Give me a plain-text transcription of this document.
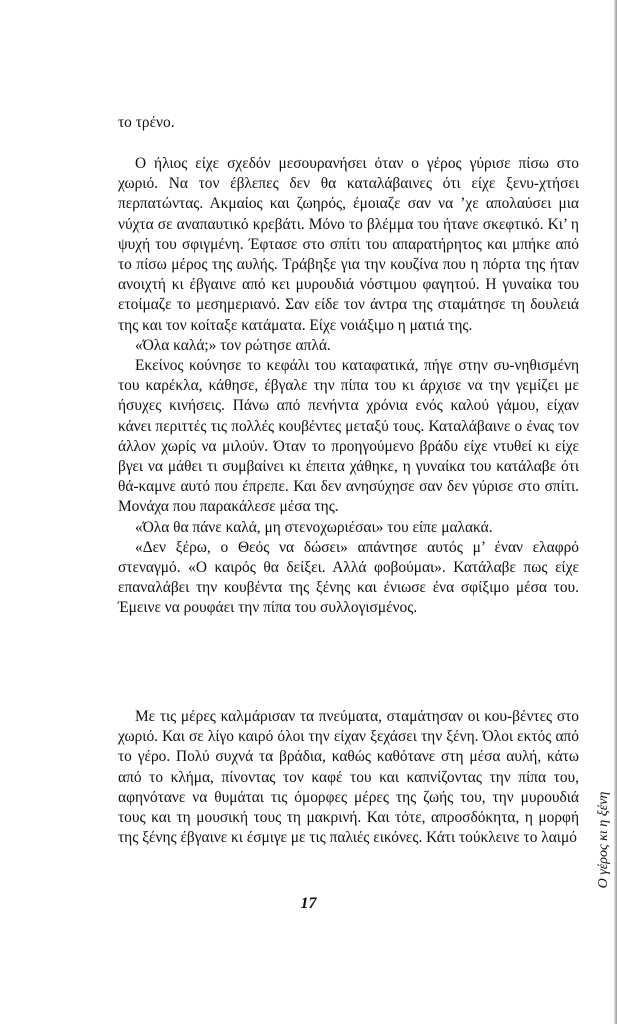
το τρένο.

Ο ήλιος είχε σχεδόν μεσουρανήσει όταν ο γέρος γύρισε πίσω στο χωριό. Να τον έβλεπες δεν θα καταλάβαινες ότι είχε ξενυ-χτήσει περπατώντας. Ακμαίος και ζωηρός, έμοιαζε σαν να ’χε απολαύσει μια νύχτα σε αναπαυτικό κρεβάτι. Μόνο το βλέμμα του ήτανε σκεφτικό. Κι’ η ψυχή του σφιγμένη. Έφτασε στο σπίτι του απαρατήρητος και μπήκε από το πίσω μέρος της αυλής. Τράβηξε για την κουζίνα που η πόρτα της ήταν ανοιχτή κι έβγαινε από κει μυρουδιά νόστιμου φαγητού. Η γυναίκα του ετοίμαζε το μεσημεριανό. Σαν είδε τον άντρα της σταμάτησε τη δουλειά της και τον κοίταξε κατάματα. Είχε νοιάξιμο η ματιά της.

«Όλα καλά;» τον ρώτησε απλά.

Εκείνος κούνησε το κεφάλι του καταφατικά, πήγε στην συ-νηθισμένη του καρέκλα, κάθησε, έβγαλε την πίπα του κι άρχισε να την γεμίζει με ήσυχες κινήσεις. Πάνω από πενήντα χρόνια ενός καλού γάμου, είχαν κάνει περιττές τις πολλές κουβέντες μεταξύ τους. Καταλάβαινε ο ένας τον άλλον χωρίς να μιλούν. Όταν το προηγούμενο βράδυ είχε ντυθεί κι είχε βγει να μάθει τι συμβαίνει κι έπειτα χάθηκε, η γυναίκα του κατάλαβε ότι θά-καμνε αυτό που έπρεπε. Και δεν ανησύχησε σαν δεν γύρισε στο σπίτι. Μονάχα που παρακάλεσε μέσα της.

«Όλα θα πάνε καλά, μη στενοχωριέσαι» του είπε μαλακά.

«Δεν ξέρω, ο Θεός να δώσει» απάντησε αυτός μ’ έναν ελαφρό στεναγμό. «Ο καιρός θα δείξει. Αλλά φοβούμαι». Κατάλαβε πως είχε επαναλάβει την κουβέντα της ξένης και ένιωσε ένα σφίξιμο μέσα του. Έμεινε να ρουφάει την πίπα του συλλογισμένος.

Με τις μέρες καλμάρισαν τα πνεύματα, σταμάτησαν οι κου-βέντες στο χωριό. Και σε λίγο καιρό όλοι την είχαν ξεχάσει την ξένη. Όλοι εκτός από το γέρο. Πολύ συχνά τα βράδια, καθώς καθότανε στη μέσα αυλή, κάτω από το κλήμα, πίνοντας τον καφέ του και καπνίζοντας την πίπα του, αφηνότανε να θυμάται τις όμορφες μέρες της ζωής του, την μυρουδιά τους και τη μουσική τους τη μακρινή. Και τότε, απροσδόκητα, η μορφή της ξένης έβγαινε κι έσμιγε με τις παλιές εικόνες. Κάτι τούκλεινε το λαιμό Ο γέρος κι η ξένη
17
